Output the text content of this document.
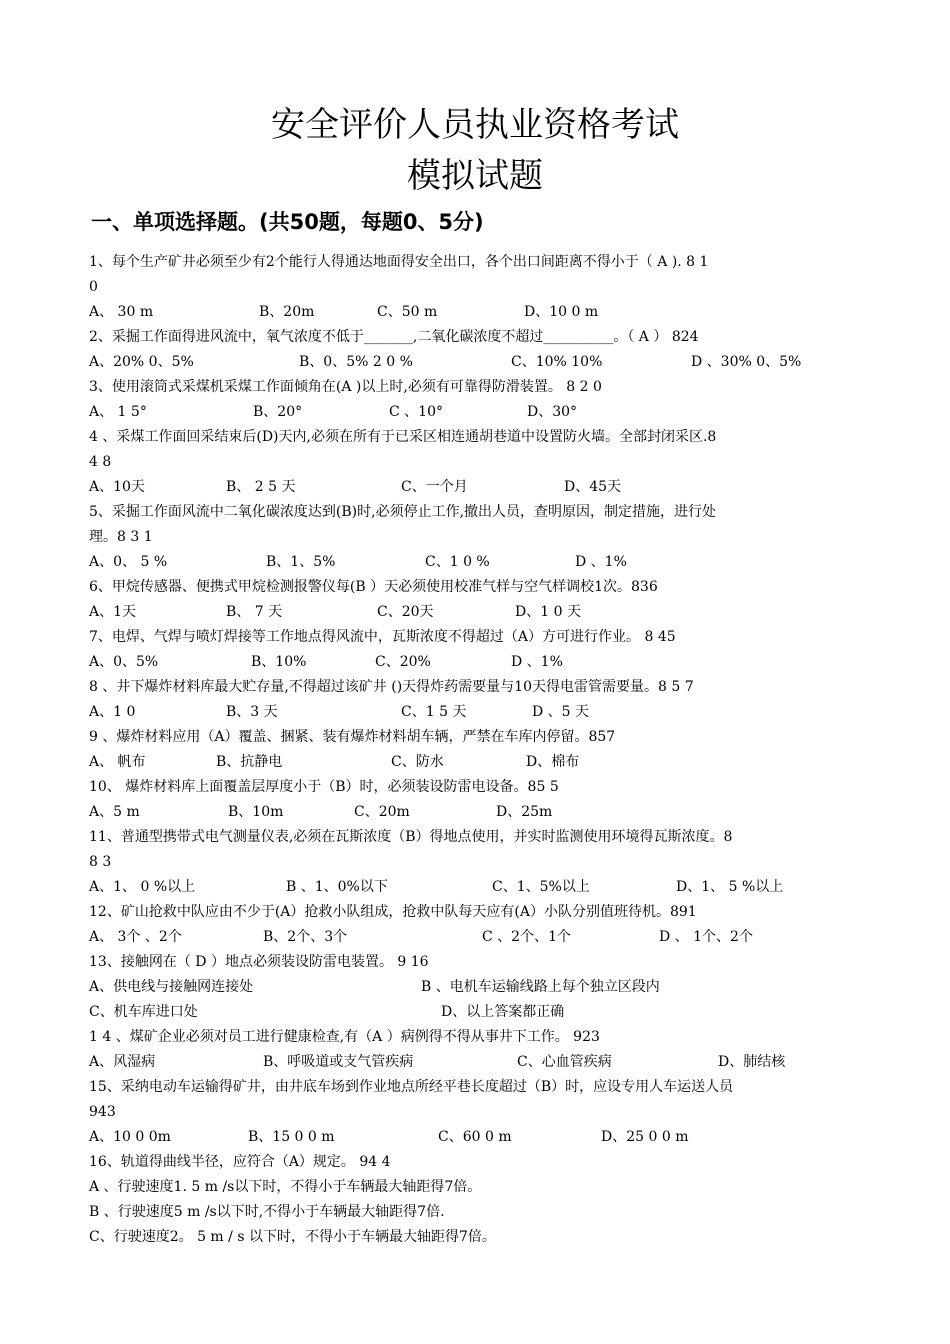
安全评价人员执业资格考试
模拟试题
一、单项选择题。(共50题，每题0、5分)
1、每个生产矿井必须至少有2个能行人得通达地面得安全出口，各个出口间距离不得小于（ A ). 8 1
0
A、 30 m	B、20m	C、50 m	D、10 0 m
2、采掘工作面得进风流中，氧气浓度不低于_______,二氧化碳浓度不超过__________。（ A ） 824
A、20% 0、5%	B、0、5% 2 0 %	C、10% 10%	D 、30% 0、5%
3、使用滚筒式采煤机采煤工作面倾角在(A )以上时,必须有可靠得防滑装置。 8 2 0
A、 1 5°	B、20°	C 、10°	D、30°
4 、采煤工作面回采结束后(D)天内,必须在所有于已采区相连通胡巷道中设置防火墙。全部封闭采区.8
4 8
A、10天	B、 2 5 天	C、一个月	D、45天
5、采掘工作面风流中二氧化碳浓度达到(B)时,必须停止工作,撤出人员，查明原因，制定措施，进行处
理。8 3 1
A、0、 5 %	B、1、5%	C、1 0 %	D 、1%
6、甲烷传感器、便携式甲烷检测报警仪每(B ）天必须使用校准气样与空气样调校1次。836
A、1天	B、 7 天	C、20天	D、1 0 天
7、电焊、气焊与喷灯焊接等工作地点得风流中，瓦斯浓度不得超过（A）方可进行作业。 8 45
A、0、5%	B、10%	C、20%	D 、1%
8 、井下爆炸材料库最大贮存量,不得超过该矿井 ()天得炸药需要量与10天得电雷管需要量。8 5 7
A、1 0	B、3 天	C、1 5 天	D 、5 天
9 、爆炸材料应用（A）覆盖、捆紧、装有爆炸材料胡车辆，严禁在车库内停留。857
A、 帆布	B、抗静电	C、防水	D、棉布
10、 爆炸材料库上面覆盖层厚度小于（B）时，必须装设防雷电设备。85 5
A、5 m	B、10m	C、20m	D、25m
11、普通型携带式电气测量仪表,必须在瓦斯浓度（B）得地点使用，并实时监测使用环境得瓦斯浓度。8
8 3
A、1、 0 %以上	B 、1、0%以下	C、1、5%以上	D、1、 5 %以上
12、矿山抢救中队应由不少于(A）抢救小队组成，抢救中队每天应有(A）小队分别值班待机。891
A、 3个 、2个	B、2个、3个	C 、2个、1个	D 、 1个、2个
13、接触网在（ D ）地点必须装设防雷电装置。 9 16
A、供电线与接触网连接处	B 、电机车运输线路上每个独立区段内
C、机车库进口处	D、以上答案都正确
1 4 、煤矿企业必须对员工进行健康检查,有（A ）病例得不得从事井下工作。 923
A、风湿病	B、呼吸道或支气管疾病	C、心血管疾病	D、肺结核
15、采纳电动车运输得矿井，由井底车场到作业地点所经平巷长度超过（B）时，应设专用人车运送人员
943
A、10 0 0m	B、15 0 0 m	C、60 0 m	D、25 0 0 m
16、轨道得曲线半径，应符合（A）规定。 94 4
A 、行驶速度1. 5 m /s以下时，不得小于车辆最大轴距得7倍。
B 、行驶速度5 m /s以下时,不得小于车辆最大轴距得7倍.
C、行驶速度2。 5 m / s 以下时，不得小于车辆最大轴距得7倍。
